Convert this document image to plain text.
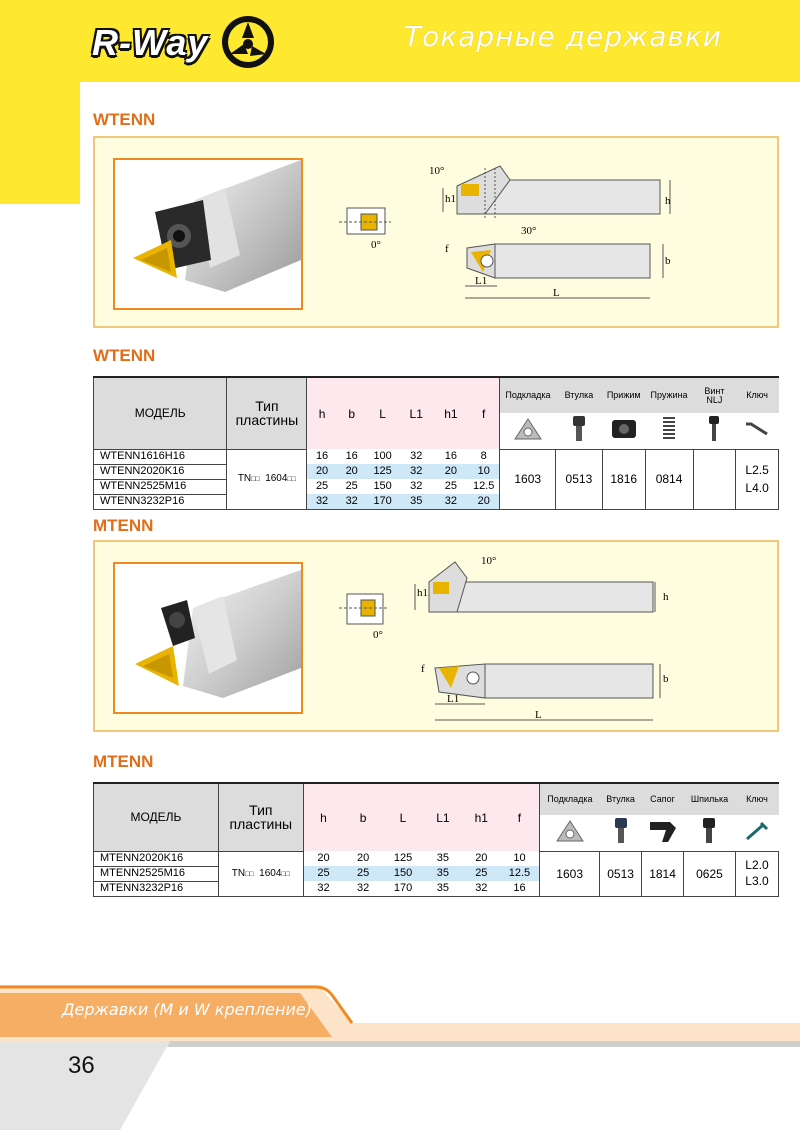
R-Way	Токарные державки
WTENN
10°
h1	h
0°
30°
f
b
L1
L
WTENN
МОДЕЛЬ	Тип пластины	h	b	L	L1	h1	f	Подкладка	Втулка	Прижим	Пружина	Винт NLJ	Ключ

WTENN1616H16	TN□□ 1604□□	16	16	100	32	16	8	1603	0513	1816	0814		L2.5
L4.0

WTENN2020K16		20	20	125	32	20	10						
WTENN2525M16		25	25	150	32	25	12.5						
WTENN3232P16		32	32	170	35	32	20						
MTENN
10°
h1	h
0°
f
b
L1
L
MTENN
МОДЕЛЬ	Тип пластины	h	b	L	L1	h1	f	Подкладка	Втулка	Сапог	Шпилька	Ключ

MTENN2020K16	TN□□ 1604□□	20	20	125	35	20	10	1603	0513	1814	0625	L2.0
L3.0

MTENN2525M16		25	25	150	35	25	12.5					
MTENN3232P16		32	32	170	35	32	16					
Державки (M и W крепление)
36
